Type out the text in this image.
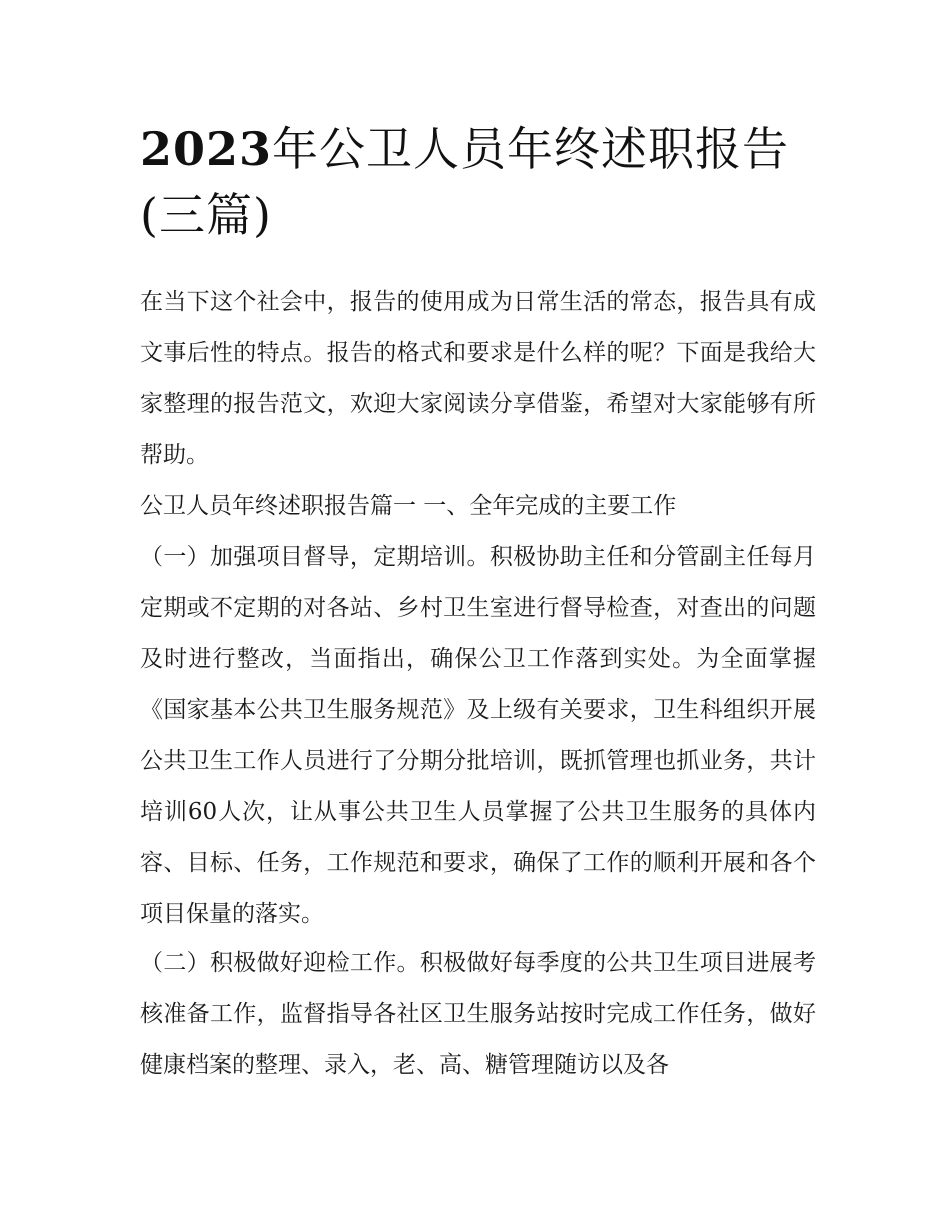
2023年公卫人员年终述职报告(三篇)

在当下这个社会中，报告的使用成为日常生活的常态，报告具有成文事后性的特点。报告的格式和要求是什么样的呢？下面是我给大家整理的报告范文，欢迎大家阅读分享借鉴，希望对大家能够有所帮助。

公卫人员年终述职报告篇一 一、全年完成的主要工作

（一）加强项目督导，定期培训。积极协助主任和分管副主任每月定期或不定期的对各站、乡村卫生室进行督导检查，对查出的问题及时进行整改，当面指出，确保公卫工作落到实处。为全面掌握《国家基本公共卫生服务规范》及上级有关要求，卫生科组织开展公共卫生工作人员进行了分期分批培训，既抓管理也抓业务，共计培训60人次，让从事公共卫生人员掌握了公共卫生服务的具体内容、目标、任务，工作规范和要求，确保了工作的顺利开展和各个项目保量的落实。

（二）积极做好迎检工作。积极做好每季度的公共卫生项目进展考核准备工作，监督指导各社区卫生服务站按时完成工作任务，做好健康档案的整理、录入，老、高、糖管理随访以及各
